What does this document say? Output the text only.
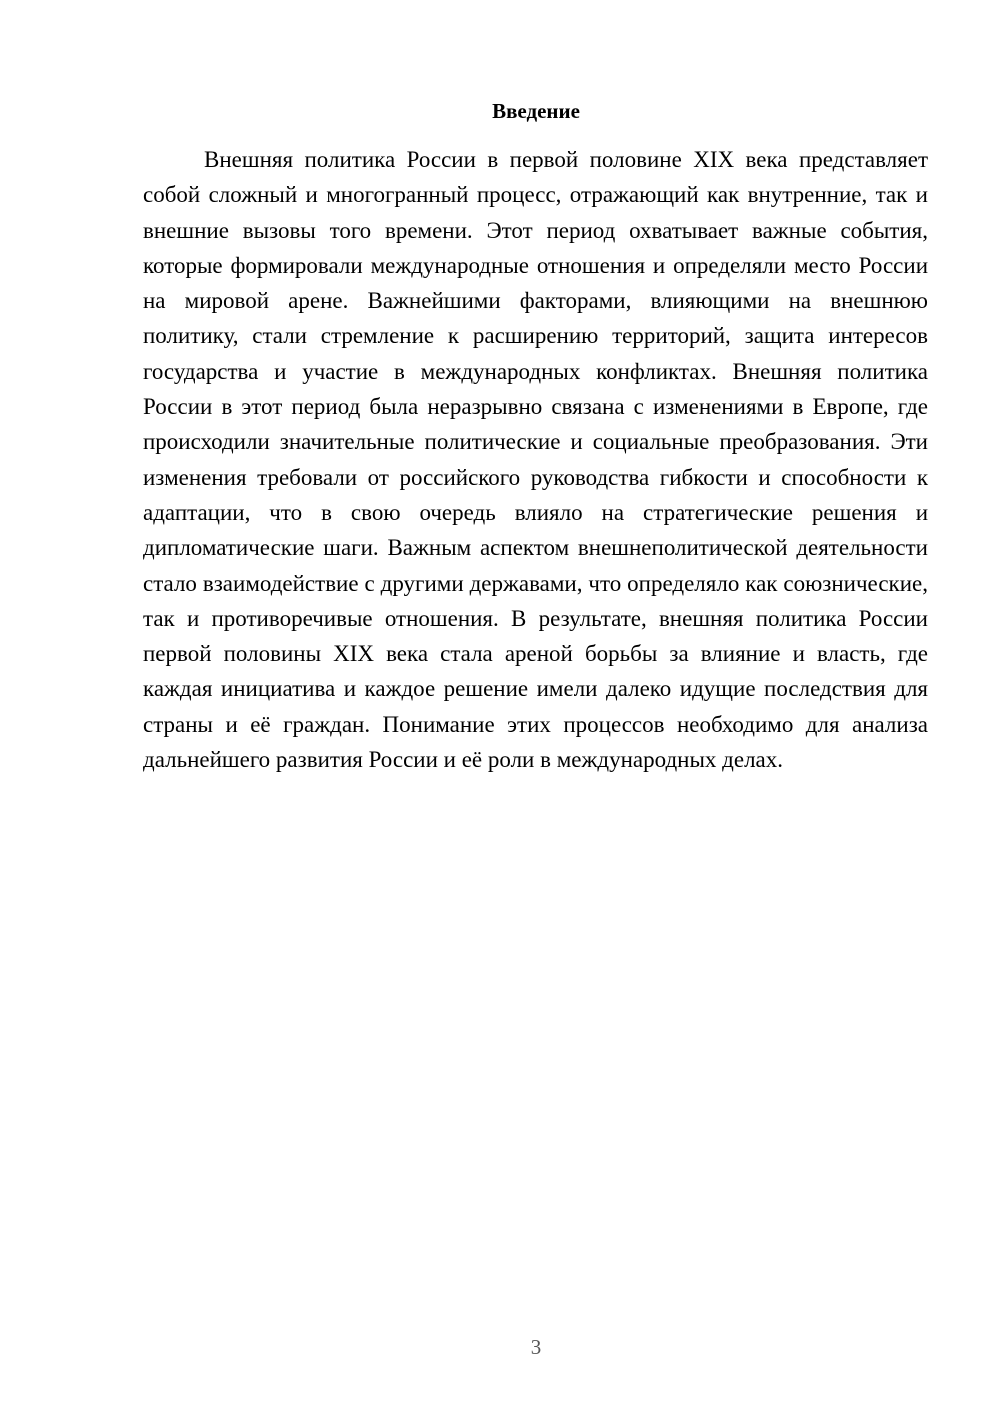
Введение

Внешняя политика России в первой половине XIX века представляет собой сложный и многогранный процесс, отражающий как внутренние, так и внешние вызовы того времени. Этот период охватывает важные события, которые формировали международные отношения и определяли место России на мировой арене. Важнейшими факторами, влияющими на внешнюю политику, стали стремление к расширению территорий, защита интересов государства и участие в международных конфликтах. Внешняя политика России в этот период была неразрывно связана с изменениями в Европе, где происходили значительные политические и социальные преобразования. Эти изменения требовали от российского руководства гибкости и способности к адаптации, что в свою очередь влияло на стратегические решения и дипломатические шаги. Важным аспектом внешнеполитической деятельности стало взаимодействие с другими державами, что определяло как союзнические, так и противоречивые отношения. В результате, внешняя политика России первой половины XIX века стала ареной борьбы за влияние и власть, где каждая инициатива и каждое решение имели далеко идущие последствия для страны и её граждан. Понимание этих процессов необходимо для анализа дальнейшего развития России и её роли в международных делах.

3
